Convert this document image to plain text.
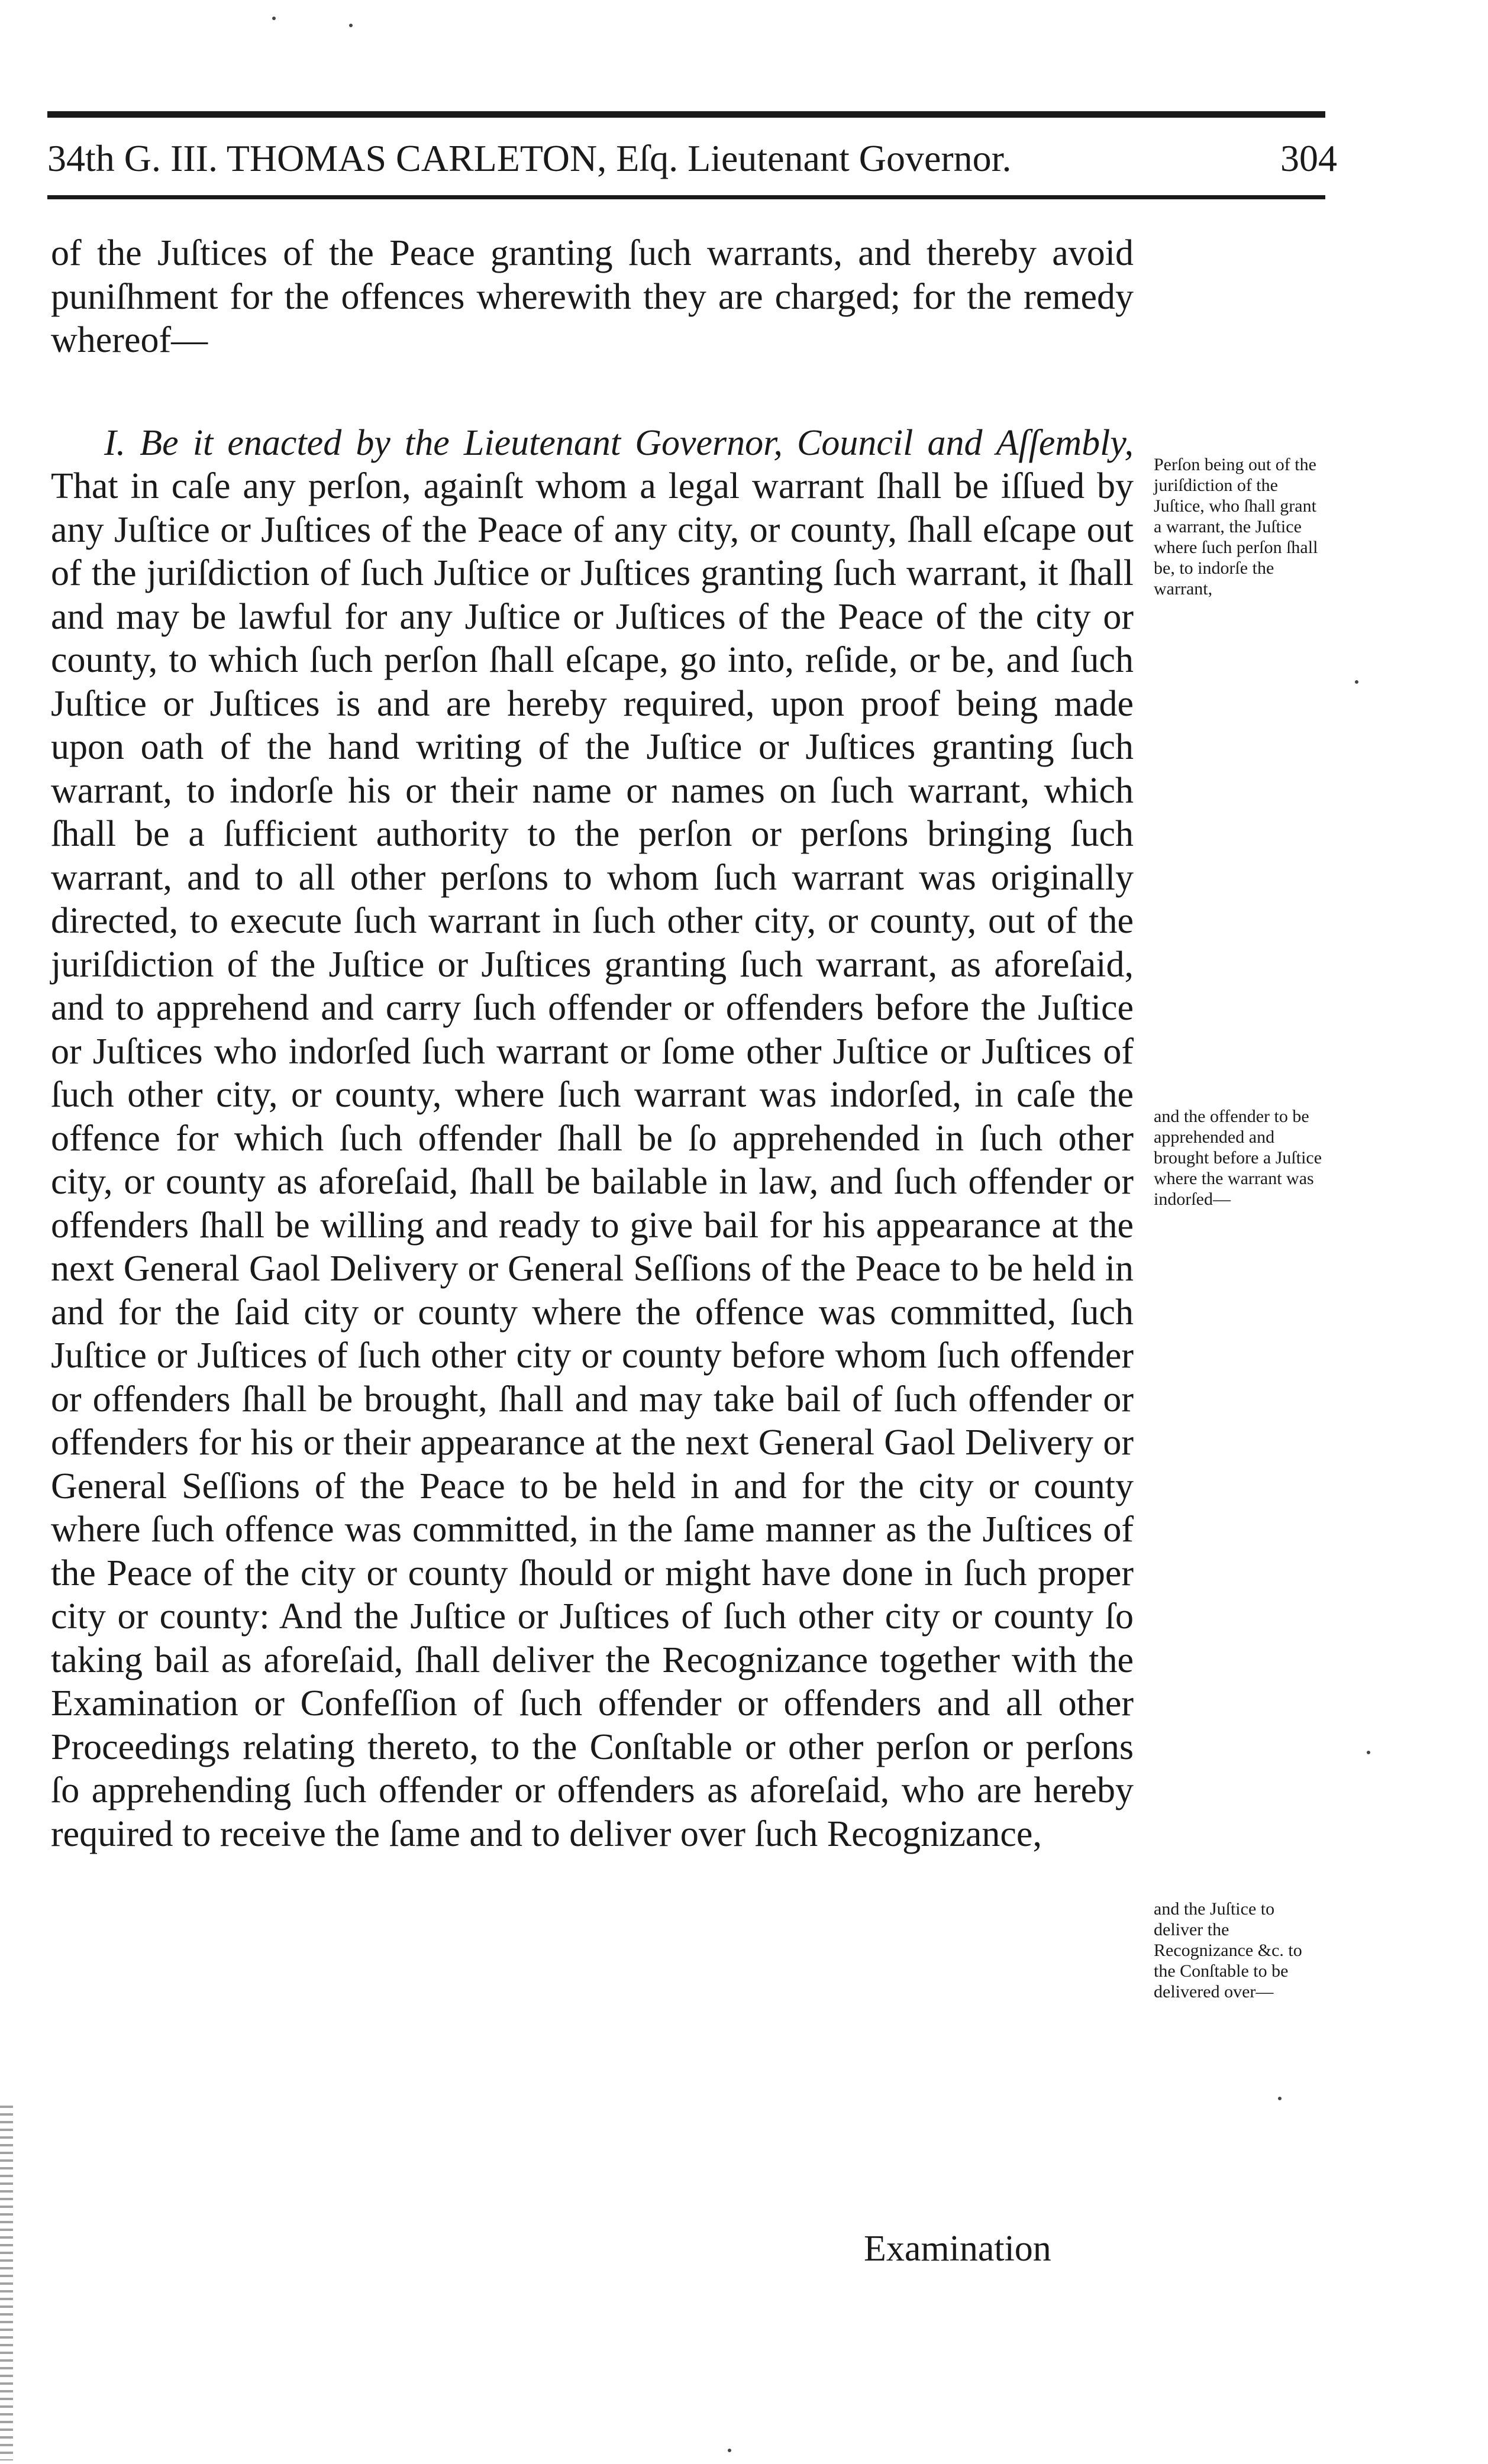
34th G. III. THOMAS CARLETON, Eſq. Lieutenant Governor.	304

of the Juſtices of the Peace granting ſuch warrants, and thereby avoid puniſhment for the offences wherewith they are charged; for the remedy whereof—

I. Be it enacted by the Lieutenant Governor, Council and Aſſembly, That in caſe any perſon, againſt whom a legal warrant ſhall be iſſued by any Juſtice or Juſtices of the Peace of any city, or county, ſhall eſcape out of the juriſdiction of ſuch Juſtice or Juſtices granting ſuch warrant, it ſhall and may be lawful for any Juſtice or Juſtices of the Peace of the city or county, to which ſuch perſon ſhall eſcape, go into, reſide, or be, and ſuch Juſtice or Juſtices is and are hereby required, upon proof being made upon oath of the hand writing of the Juſtice or Juſtices granting ſuch warrant, to indorſe his or their name or names on ſuch warrant, which ſhall be a ſufficient authority to the perſon or perſons bringing ſuch warrant, and to all other perſons to whom ſuch warrant was originally directed, to execute ſuch warrant in ſuch other city, or county, out of the juriſdiction of the Juſtice or Juſtices granting ſuch warrant, as aforeſaid, and to apprehend and carry ſuch offender or offenders before the Juſtice or Juſtices who indorſed ſuch warrant or ſome other Juſtice or Juſtices of ſuch other city, or county, where ſuch warrant was indorſed, in caſe the offence for which ſuch offender ſhall be ſo apprehended in ſuch other city, or county as aforeſaid, ſhall be bailable in law, and ſuch offender or offenders ſhall be willing and ready to give bail for his appearance at the next General Gaol Delivery or General Seſſions of the Peace to be held in and for the ſaid city or county where the offence was committed, ſuch Juſtice or Juſtices of ſuch other city or county before whom ſuch offender or offenders ſhall be brought, ſhall and may take bail of ſuch offender or offenders for his or their appearance at the next General Gaol Delivery or General Seſſions of the Peace to be held in and for the city or county where ſuch offence was committed, in the ſame manner as the Juſtices of the Peace of the city or county ſhould or might have done in ſuch proper city or county: And the Juſtice or Juſtices of ſuch other city or county ſo taking bail as aforeſaid, ſhall deliver the Recognizance together with the Examination or Confeſſion of ſuch offender or offenders and all other Proceedings relating thereto, to the Conſtable or other perſon or perſons ſo apprehending ſuch offender or offenders as aforeſaid, who are hereby required to receive the ſame and to deliver over ſuch Recognizance,

Examination
Perſon being out of the juriſdiction of the Juſtice, who ſhall grant a warrant, the Juſtice where ſuch perſon ſhall be, to indorſe the warrant,
and the offender to be apprehended and brought before a Juſtice where the warrant was indorſed—
and the Juſtice to deliver the Recognizance &c. to the Conſtable to be delivered over—
